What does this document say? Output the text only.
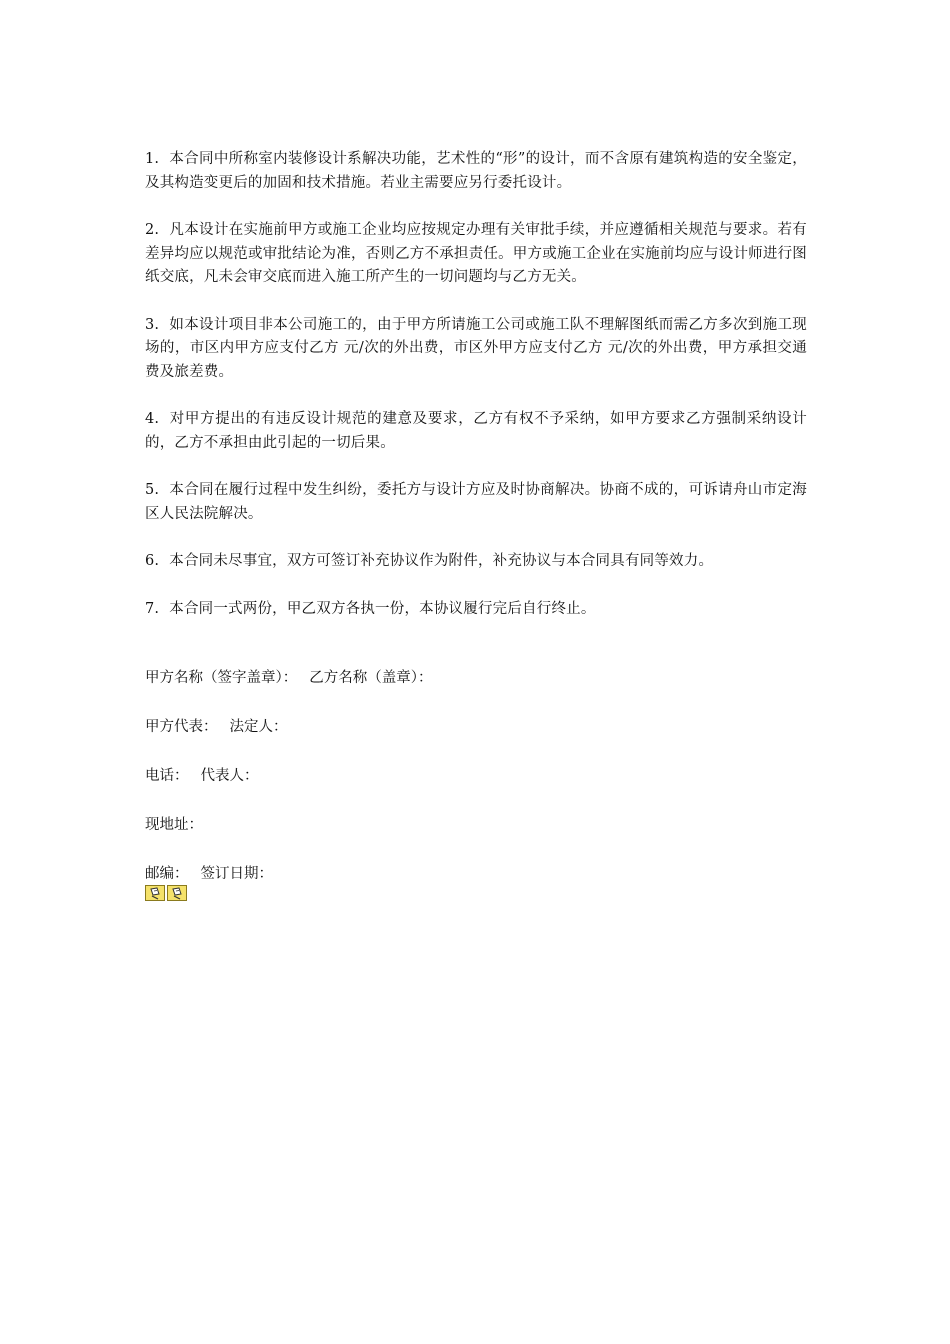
1. 本合同中所称室内装修设计系解决功能，艺术性的“形”的设计，而不含原有建筑构造的安全鉴定，及其构造变更后的加固和技术措施。若业主需要应另行委托设计。

2. 凡本设计在实施前甲方或施工企业均应按规定办理有关审批手续，并应遵循相关规范与要求。若有差异均应以规范或审批结论为准，否则乙方不承担责任。甲方或施工企业在实施前均应与设计师进行图纸交底，凡未会审交底而进入施工所产生的一切问题均与乙方无关。

3. 如本设计项目非本公司施工的，由于甲方所请施工公司或施工队不理解图纸而需乙方多次到施工现场的，市区内甲方应支付乙方 元/次的外出费，市区外甲方应支付乙方 元/次的外出费，甲方承担交通费及旅差费。

4. 对甲方提出的有违反设计规范的建意及要求，乙方有权不予采纳，如甲方要求乙方强制采纳设计的，乙方不承担由此引起的一切后果。

5. 本合同在履行过程中发生纠纷，委托方与设计方应及时协商解决。协商不成的，可诉请舟山市定海区人民法院解决。

6. 本合同未尽事宜，双方可签订补充协议作为附件，补充协议与本合同具有同等效力。

7. 本合同一式两份，甲乙双方各执一份，本协议履行完后自行终止。

甲方名称（签字盖章）： 乙方名称（盖章）：

甲方代表： 法定人：

电话： 代表人：

现地址：

邮编： 签订日期：
